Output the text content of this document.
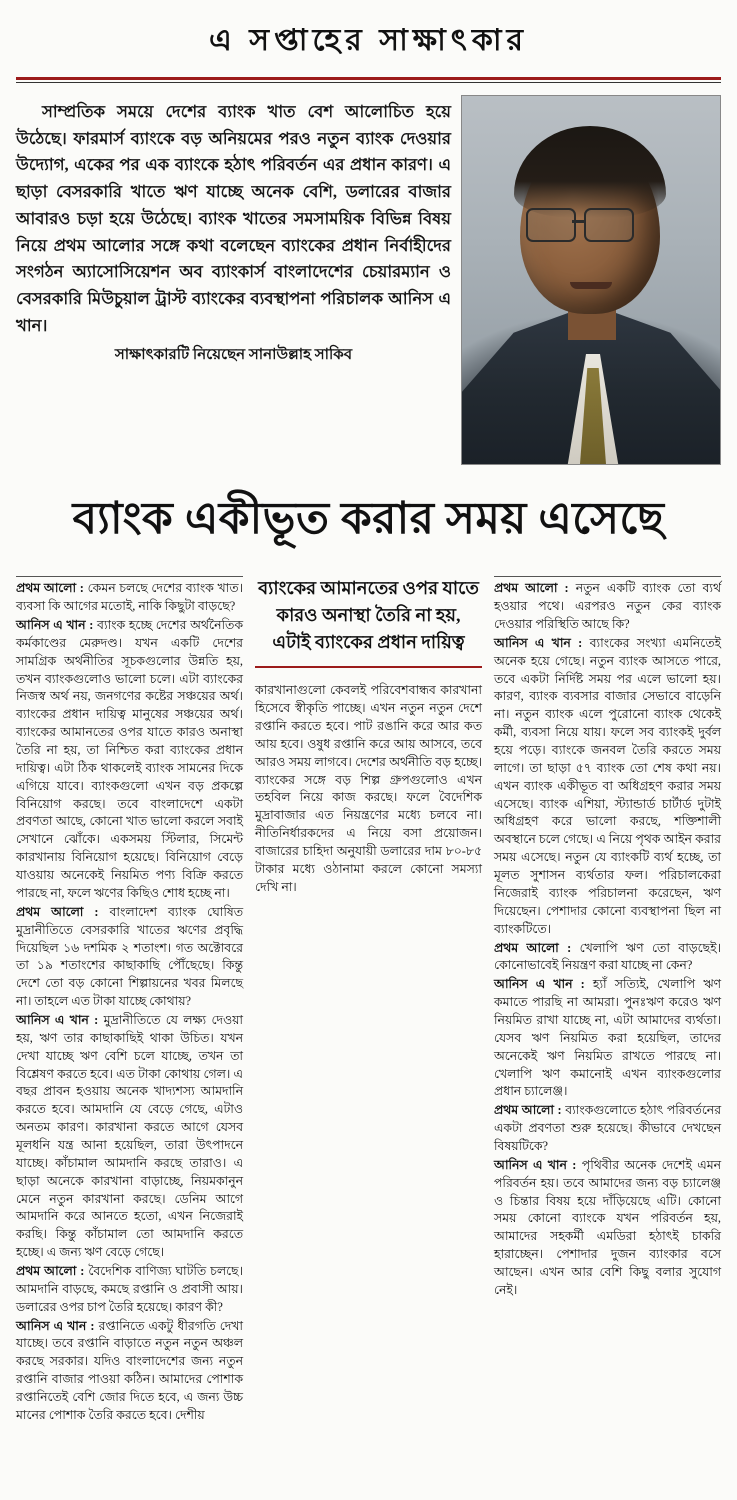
এ সপ্তাহের সাক্ষাৎকার

সাম্প্রতিক সময়ে দেশের ব্যাংক খাত বেশ আলোচিত হয়ে উঠেছে। ফারমার্স ব্যাংকে বড় অনিয়মের পরও নতুন ব্যাংক দেওয়ার উদ্যোগ, একের পর এক ব্যাংকে হঠাৎ পরিবর্তন এর প্রধান কারণ। এ ছাড়া বেসরকারি খাতে ঋণ যাচ্ছে অনেক বেশি, ডলারের বাজার আবারও চড়া হয়ে উঠেছে। ব্যাংক খাতের সমসাময়িক বিভিন্ন বিষয় নিয়ে প্রথম আলোর সঙ্গে কথা বলেছেন ব্যাংকের প্রধান নির্বাহীদের সংগঠন অ্যাসোসিয়েশন অব ব্যাংকার্স বাংলাদেশের চেয়ারম্যান ও বেসরকারি মিউচুয়াল ট্রাস্ট ব্যাংকের ব্যবস্থাপনা পরিচালক আনিস এ খান।

সাক্ষাৎকারটি নিয়েছেন সানাউল্লাহ সাকিব
ব্যাংক একীভূত করার সময় এসেছে

প্রথম আলো : কেমন চলছে দেশের ব্যাংক খাত। ব্যবসা কি আগের মতোই, নাকি কিছুটা বাড়ছে?

আনিস এ খান : ব্যাংক হচ্ছে দেশের অর্থনৈতিক কর্মকাণ্ডের মেরুদণ্ড। যখন একটি দেশের সামগ্রিক অর্থনীতির সূচকগুলোর উন্নতি হয়, তখন ব্যাংকগুলোও ভালো চলে। এটা ব্যাংকের নিজস্ব অর্থ নয়, জনগণের কষ্টের সঞ্চয়ের অর্থ। ব্যাংকের প্রধান দায়িত্ব মানুষের সঞ্চয়ের অর্থ। ব্যাংকের আমানতের ওপর যাতে কারও অনাস্থা তৈরি না হয়, তা নিশ্চিত করা ব্যাংকের প্রধান দায়িত্ব। এটা ঠিক থাকলেই ব্যাংক সামনের দিকে এগিয়ে যাবে। ব্যাংকগুলো এখন বড় প্রকল্পে বিনিয়োগ করছে। তবে বাংলাদেশে একটা প্রবণতা আছে, কোনো খাত ভালো করলে সবাই সেখানে ঝোঁকে। একসময় স্টিলার, সিমেন্ট কারখানায় বিনিয়োগ হয়েছে। বিনিয়োগ বেড়ে যাওয়ায় অনেকেই নিয়মিত পণ্য বিক্রি করতে পারছে না, ফলে ঋণের কিছিও শোধ হচ্ছে না।

প্রথম আলো : বাংলাদেশ ব্যাংক ঘোষিত মুদ্রানীতিতে বেসরকারি খাতের ঋণের প্রবৃদ্ধি দিয়েছিল ১৬ দশমিক ২ শতাংশ। গত অক্টোবরে তা ১৯ শতাংশের কাছাকাছি পৌঁছেছে। কিন্তু দেশে তো বড় কোনো শিল্পায়নের খবর মিলছে না। তাহলে এত টাকা যাচ্ছে কোথায়?

আনিস এ খান : মুদ্রানীতিতে যে লক্ষ্য দেওয়া হয়, ঋণ তার কাছাকাছিই থাকা উচিত। যখন দেখা যাচ্ছে ঋণ বেশি চলে যাচ্ছে, তখন তা বিশ্লেষণ করতে হবে। এত টাকা কোথায় গেল। এ বছর প্রাবন হওয়ায় অনেক খাদ্যশস্য আমদানি করতে হবে। আমদানি যে বেড়ে গেছে, এটাও অনতম কারণ। কারখানা করতে আগে যেসব মূলধনি যন্ত্র আনা হয়েছিল, তারা উৎপাদনে যাচ্ছে। কাঁচামাল আমদানি করছে তারাও। এ ছাড়া অনেকে কারখানা বাড়াচ্ছে, নিয়মকানুন মেনে নতুন কারখানা করছে। ডেনিম আগে আমদানি করে আনতে হতো, এখন নিজেরাই করছি। কিন্তু কাঁচামাল তো আমদানি করতে হচ্ছে। এ জন্য ঋণ বেড়ে গেছে।

প্রথম আলো : বৈদেশিক বাণিজ্য ঘাটতি চলছে। আমদানি বাড়ছে, কমছে রপ্তানি ও প্রবাসী আয়। ডলারের ওপর চাপ তৈরি হয়েছে। কারণ কী?

আনিস এ খান : রপ্তানিতে একটু ধীরগতি দেখা যাচ্ছে। তবে রপ্তানি বাড়াতে নতুন নতুন অঞ্চল করছে সরকার। যদিও বাংলাদেশের জন্য নতুন রপ্তানি বাজার পাওয়া কঠিন। আমাদের পোশাক রপ্তানিতেই বেশি জোর দিতে হবে, এ জন্য উচ্চ মানের পোশাক তৈরি করতে হবে। দেশীয়

ব্যাংকের আমানতের ওপর যাতে কারও অনাস্থা তৈরি না হয়, এটাই ব্যাংকের প্রধান দায়িত্ব

কারখানাগুলো কেবলই পরিবেশবান্ধব কারখানা হিসেবে স্বীকৃতি পাচ্ছে। এখন নতুন নতুন দেশে রপ্তানি করতে হবে। পাট রঙানি করে আর কত আয় হবে। ওষুধ রপ্তানি করে আয় আসবে, তবে আরও সময় লাগবে। দেশের অর্থনীতি বড় হচ্ছে। ব্যাংকের সঙ্গে বড় শিল্প গ্রুপগুলোও এখন তহবিল নিয়ে কাজ করছে। ফলে বৈদেশিক মুদ্রাবাজার এত নিয়ন্ত্রণের মধ্যে চলবে না। নীতিনির্ধারকদের এ নিয়ে বসা প্রয়োজন। বাজারের চাহিদা অনুযায়ী ডলারের দাম ৮০-৮৫ টাকার মধ্যে ওঠানামা করলে কোনো সমস্যা দেখি না।

প্রথম আলো : নতুন একটি ব্যাংক তো ব্যর্থ হওয়ার পথে। এরপরও নতুন কের ব্যাংক দেওয়ার পরিস্থিতি আছে কি?

আনিস এ খান : ব্যাংকের সংখ্যা এমনিতেই অনেক হয়ে গেছে। নতুন ব্যাংক আসতে পারে, তবে একটা নির্দিষ্ট সময় পর এলে ভালো হয়। কারণ, ব্যাংক ব্যবসার বাজার সেভাবে বাড়েনি না। নতুন ব্যাংক এলে পুরোনো ব্যাংক থেকেই কর্মী, ব্যবসা নিয়ে যায়। ফলে সব ব্যাংকই দুর্বল হয়ে পড়ে। ব্যাংকে জনবল তৈরি করতে সময় লাগে। তা ছাড়া ৫৭ ব্যাংক তো শেষ কথা নয়। এখন ব্যাংক একীভূত বা অধিগ্রহণ করার সময় এসেছে। ব্যাংক এশিয়া, স্ট্যান্ডার্ড চার্টার্ড দুটাই অধিগ্রহণ করে ভালো করছে, শক্তিশালী অবস্থানে চলে গেছে। এ নিয়ে পৃথক আইন করার সময় এসেছে। নতুন যে ব্যাংকটি ব্যর্থ হচ্ছে, তা মূলত সুশাসন ব্যর্থতার ফল। পরিচালকেরা নিজেরাই ব্যাংক পরিচালনা করেছেন, ঋণ দিয়েছেন। পেশাদার কোনো ব্যবস্থাপনা ছিল না ব্যাংকটিতে।

প্রথম আলো : খেলাপি ঋণ তো বাড়ছেই। কোনোভাবেই নিয়ন্ত্রণ করা যাচ্ছে না কেন?

আনিস এ খান : হ্যাঁ সত্যিই, খেলাপি ঋণ কমাতে পারছি না আমরা। পুনঃঋণ করেও ঋণ নিয়মিত রাখা যাচ্ছে না, এটা আমাদের ব্যর্থতা। যেসব ঋণ নিয়মিত করা হয়েছিল, তাদের অনেকেই ঋণ নিয়মিত রাখতে পারছে না। খেলাপি ঋণ কমানোই এখন ব্যাংকগুলোর প্রধান চ্যালেঞ্জ।

প্রথম আলো : ব্যাংকগুলোতে হঠাৎ পরিবর্তনের একটা প্রবণতা শুরু হয়েছে। কীভাবে দেখছেন বিষয়টিকে?

আনিস এ খান : পৃথিবীর অনেক দেশেই এমন পরিবর্তন হয়। তবে আমাদের জন্য বড় চ্যালেঞ্জ ও চিন্তার বিষয় হয়ে দাঁড়িয়েছে এটি। কোনো সময় কোনো ব্যাংকে যখন পরিবর্তন হয়, আমাদের সহকর্মী এমডিরা হঠাৎই চাকরি হারাচ্ছেন। পেশাদার দুজন ব্যাংকার বসে আছেন। এখন আর বেশি কিছু বলার সুযোগ নেই।
